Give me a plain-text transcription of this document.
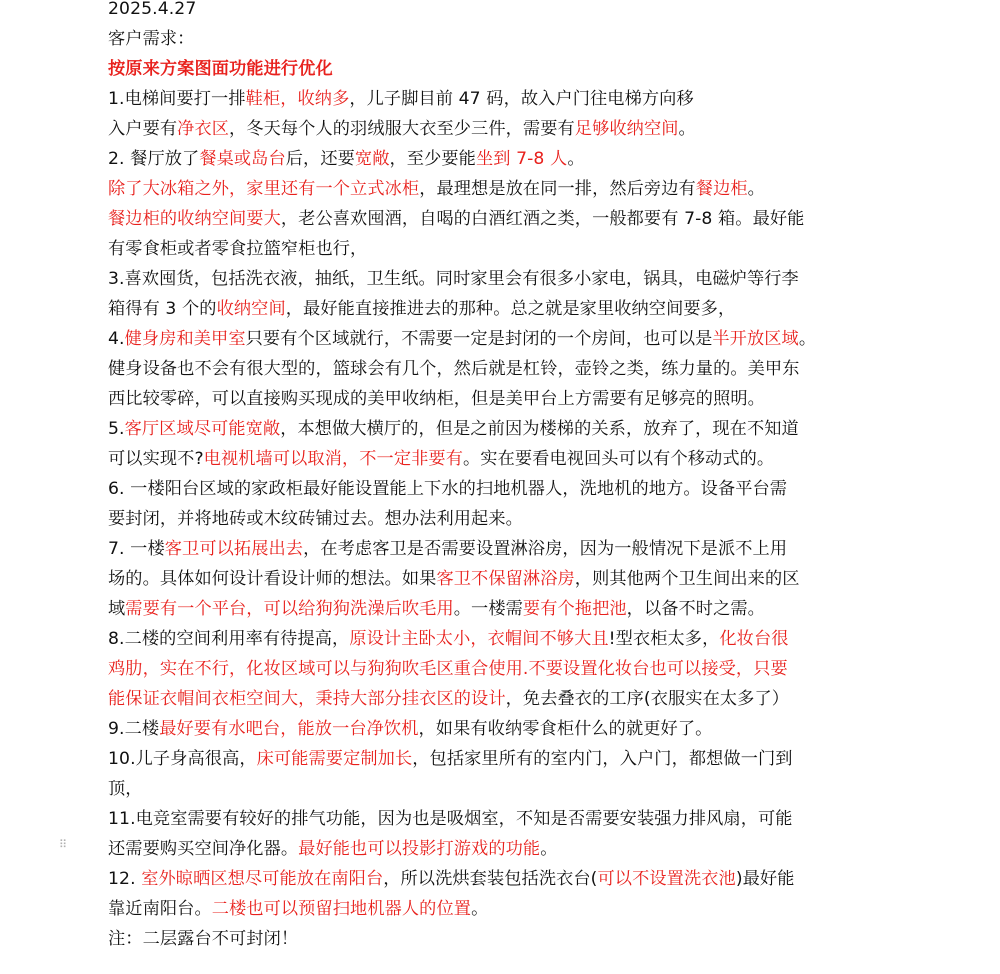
⠿
2025.4.27
客户需求：
按原来方案图面功能进行优化
1.电梯间要打一排鞋柜，收纳多，儿子脚目前 47 码，故入户门往电梯方向移
入户要有净衣区，冬天每个人的羽绒服大衣至少三件，需要有足够收纳空间。
2. 餐厅放了餐桌或岛台后，还要宽敞，至少要能坐到 7-8 人。
除了大冰箱之外，家里还有一个立式冰柜，最理想是放在同一排，然后旁边有餐边柜。
餐边柜的收纳空间要大，老公喜欢囤酒，自喝的白酒红酒之类，一般都要有 7-8 箱。最好能
有零食柜或者零食拉篮窄柜也行，
3.喜欢囤货，包括洗衣液，抽纸，卫生纸。同时家里会有很多小家电，锅具，电磁炉等行李
箱得有 3 个的收纳空间，最好能直接推进去的那种。总之就是家里收纳空间要多，
4.健身房和美甲室只要有个区域就行，不需要一定是封闭的一个房间，也可以是半开放区域。
健身设备也不会有很大型的，篮球会有几个，然后就是杠铃，壶铃之类，练力量的。美甲东
西比较零碎，可以直接购买现成的美甲收纳柜，但是美甲台上方需要有足够亮的照明。
5.客厅区域尽可能宽敞，本想做大横厅的，但是之前因为楼梯的关系，放弃了，现在不知道
可以实现不?电视机墙可以取消，不一定非要有。实在要看电视回头可以有个移动式的。
6. 一楼阳台区域的家政柜最好能设置能上下水的扫地机器人，洗地机的地方。设备平台需
要封闭，并将地砖或木纹砖铺过去。想办法利用起来。
7. 一楼客卫可以拓展出去，在考虑客卫是否需要设置淋浴房，因为一般情况下是派不上用
场的。具体如何设计看设计师的想法。如果客卫不保留淋浴房，则其他两个卫生间出来的区
域需要有一个平台，可以给狗狗洗澡后吹毛用。一楼需要有个拖把池，以备不时之需。
8.二楼的空间利用率有待提高，原设计主卧太小，衣帽间不够大且!型衣柜太多，化妆台很
鸡肋，实在不行，化妆区域可以与狗狗吹毛区重合使用.不要设置化妆台也可以接受，只要
能保证衣帽间衣柜空间大，秉持大部分挂衣区的设计，免去叠衣的工序(衣服实在太多了）
9.二楼最好要有水吧台，能放一台净饮机，如果有收纳零食柜什么的就更好了。
10.儿子身高很高，床可能需要定制加长，包括家里所有的室内门，入户门，都想做一门到
顶，
11.电竞室需要有较好的排气功能，因为也是吸烟室，不知是否需要安装强力排风扇，可能
还需要购买空间净化器。最好能也可以投影打游戏的功能。
12. 室外晾晒区想尽可能放在南阳台，所以洗烘套装包括洗衣台(可以不设置洗衣池)最好能
靠近南阳台。二楼也可以预留扫地机器人的位置。
注：二层露台不可封闭！
